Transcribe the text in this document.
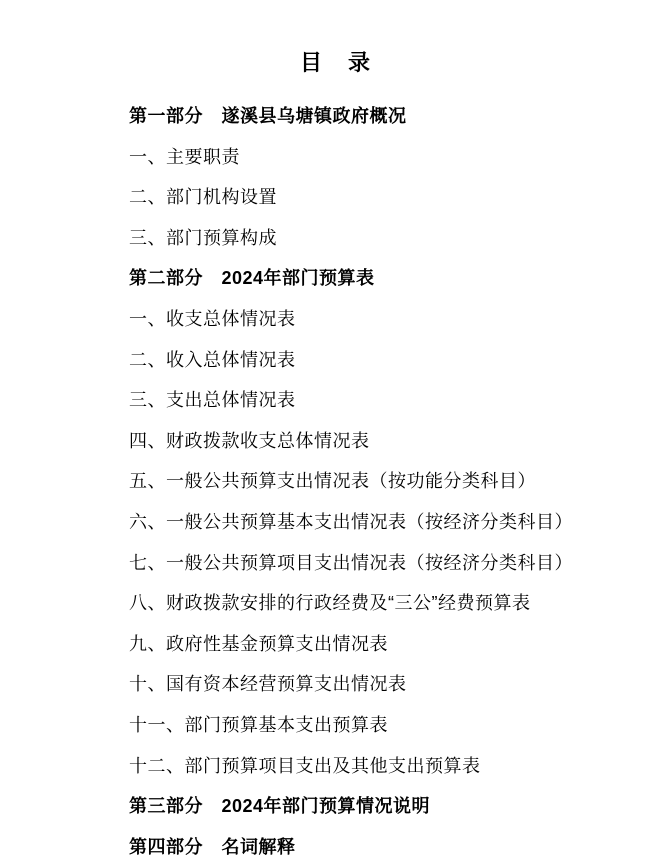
目　录
第一部分　遂溪县乌塘镇政府概况
一、主要职责
二、部门机构设置
三、部门预算构成
第二部分　2024年部门预算表
一、收支总体情况表
二、收入总体情况表
三、支出总体情况表
四、财政拨款收支总体情况表
五、一般公共预算支出情况表（按功能分类科目）
六、一般公共预算基本支出情况表（按经济分类科目）
七、一般公共预算项目支出情况表（按经济分类科目）
八、财政拨款安排的行政经费及“三公”经费预算表
九、政府性基金预算支出情况表
十、国有资本经营预算支出情况表
十一、部门预算基本支出预算表
十二、部门预算项目支出及其他支出预算表
第三部分　2024年部门预算情况说明
第四部分　名词解释
